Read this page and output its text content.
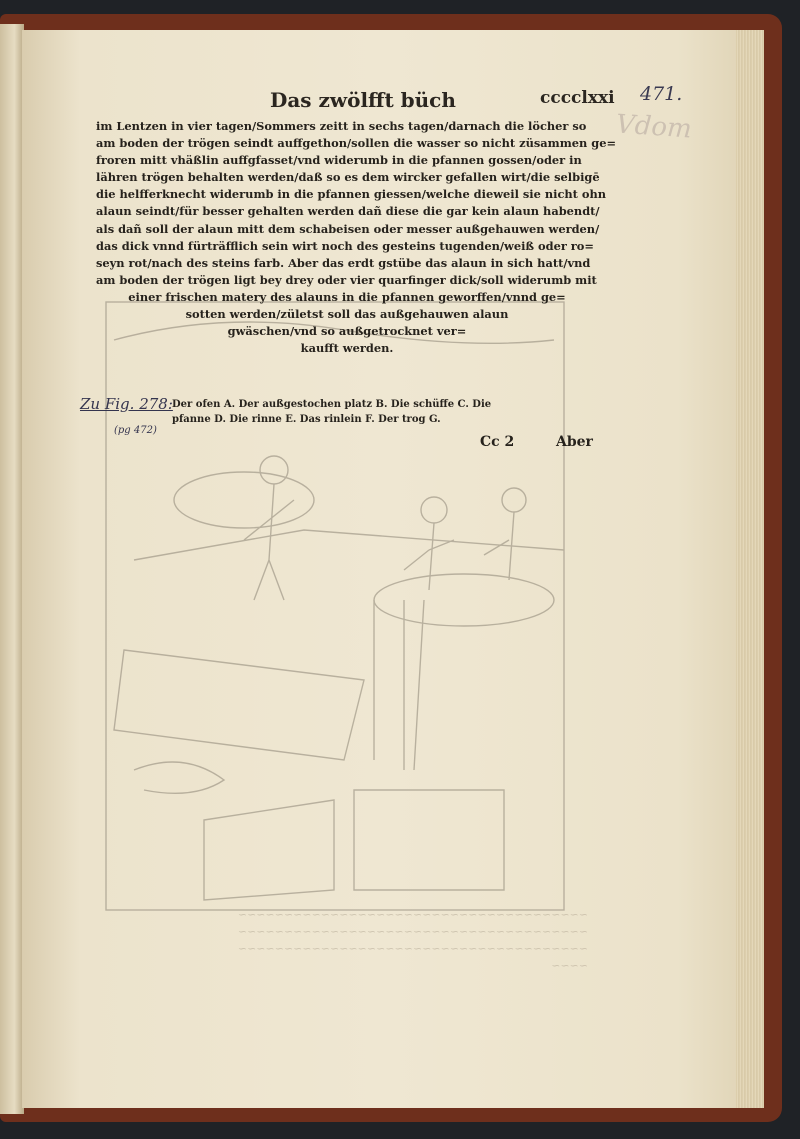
471.
Vdom
Das zwölfft büch	cccclxxi
im Lentzen in vier tagen/Sommers zeitt in sechs tagen/darnach die löcher so
am boden der trögen seindt auffgethon/sollen die wasser so nicht züsammen ge=
froren mitt vhäßlin auffgfasset/vnd widerumb in die pfannen gossen/oder in
lähren trögen behalten werden/daß so es dem wircker gefallen wirt/die selbigē
die helfferknecht widerumb in die pfannen giessen/welche dieweil sie nicht ohn
alaun seindt/für besser gehalten werden dañ diese die gar kein alaun habendt/
als dañ soll der alaun mitt dem schabeisen oder messer außgehauwen werden/
das dick vnnd fürträfflich sein wirt noch des gesteins tugenden/weiß oder ro=
seyn rot/nach des steins farb. Aber das erdt gstübe das alaun in sich hatt/vnd
am boden der trögen ligt bey drey oder vier quarfinger dick/soll widerumb mit
einer frischen matery des alauns in die pfannen geworffen/vnnd ge=
sotten werden/zületst soll das außgehauwen alaun
gwäschen/vnd so außgetrocknet ver=
kaufft werden.
Zu Fig. 278:
(pg 472)
Der ofen A. Der außgestochen platz B. Die schüffe C. Die
pfanne D. Die rinne E. Das rinlein F. Der trog G.
Cc 2	Aber
~~~~~~~~~~~~~~~~~~~~~~~~~~~~~~~~~~~~~~
~~~~~~~~~~~~~~~~~~~~~~~~~~~~~~~~~~~~~~
~~~~~~~~~~~~~~~~~~~~~~~~~~~~~~~~~~~~~~
~~~~
